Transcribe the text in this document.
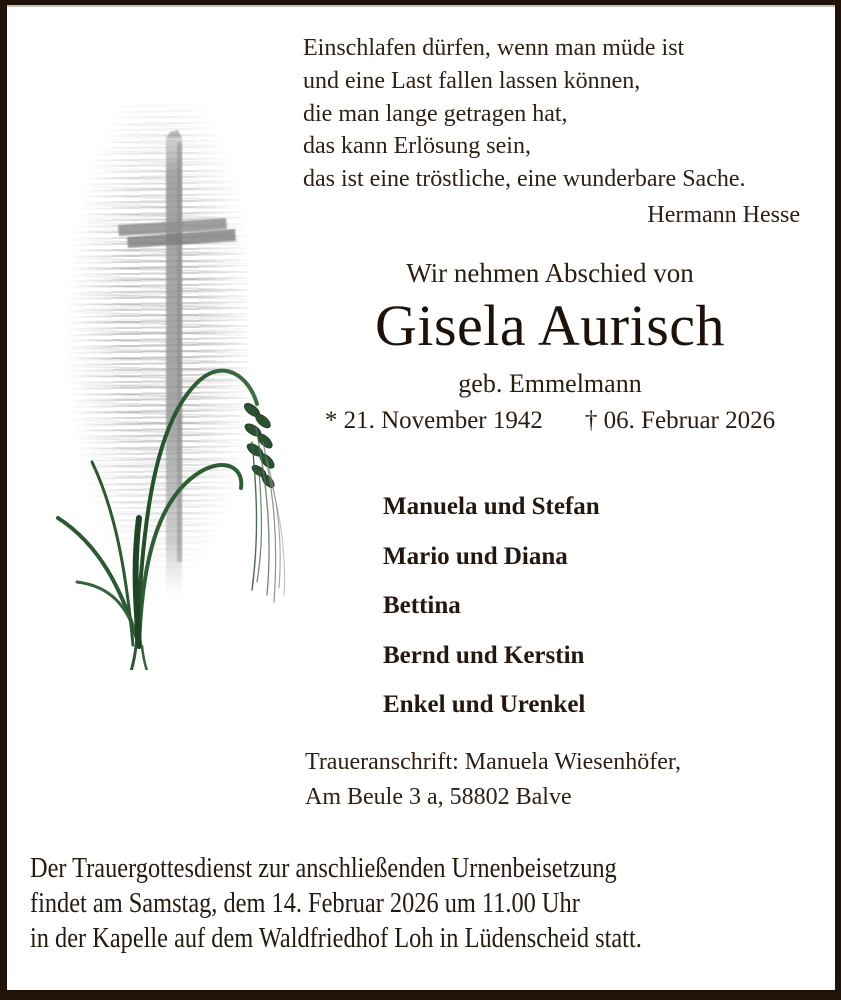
Einschlafen dürfen, wenn man müde ist
und eine Last fallen lassen können,
die man lange getragen hat,
das kann Erlösung sein,
das ist eine tröstliche, eine wunderbare Sache.
Hermann Hesse
Wir nehmen Abschied von
Gisela Aurisch
geb. Emmelmann
* 21. November 1942 † 06. Februar 2026
Manuela und Stefan
Mario und Diana
Bettina
Bernd und Kerstin
Enkel und Urenkel
Traueranschrift: Manuela Wiesenhöfer,
Am Beule 3 a, 58802 Balve
Der Trauergottesdienst zur anschließenden Urnenbeisetzung
findet am Samstag, dem 14. Februar 2026 um 11.00 Uhr
in der Kapelle auf dem Waldfriedhof Loh in Lüdenscheid statt.
